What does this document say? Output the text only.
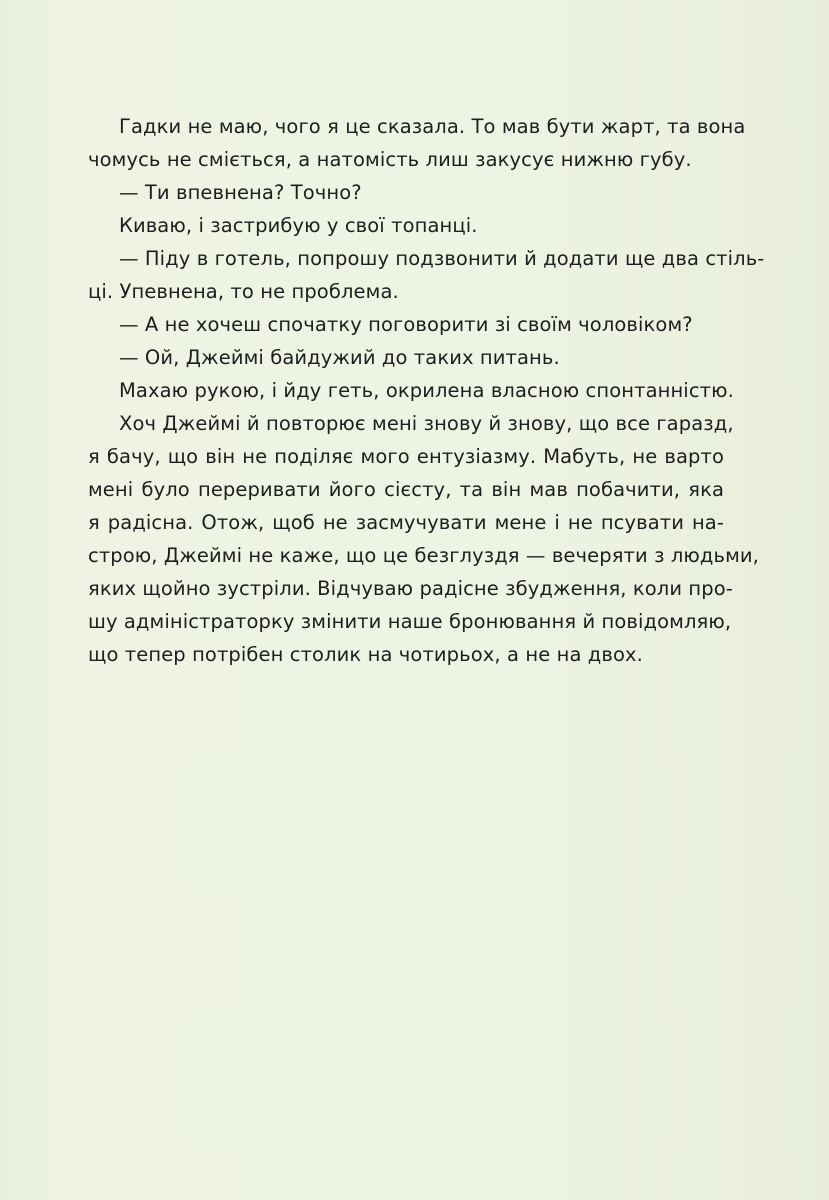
Гадки не маю, чого я це сказала. То мав бути жарт, та вона
чомусь не сміється, а натомість лиш закусує нижню губу.
— Ти впевнена? Точно?
Киваю, і застрибую у свої топанці.
— Піду в готель, попрошу подзвонити й додати ще два стіль-
ці. Упевнена, то не проблема.
— А не хочеш спочатку поговорити зі своїм чоловіком?
— Ой, Джеймі байдужий до таких питань.
Махаю рукою, і йду геть, окрилена власною спонтанністю.
Хоч Джеймі й повторює мені знову й знову, що все гаразд,
я бачу, що він не поділяє мого ентузіазму. Мабуть, не варто
мені було переривати його сієсту, та він мав побачити, яка
я радісна. Отож, щоб не засмучувати мене і не псувати на-
строю, Джеймі не каже, що це безглуздя — вечеряти з людьми,
яких щойно зустріли. Відчуваю радісне збудження, коли про-
шу адміністраторку змінити наше бронювання й повідомляю,
що тепер потрібен столик на чотирьох, а не на двох.
